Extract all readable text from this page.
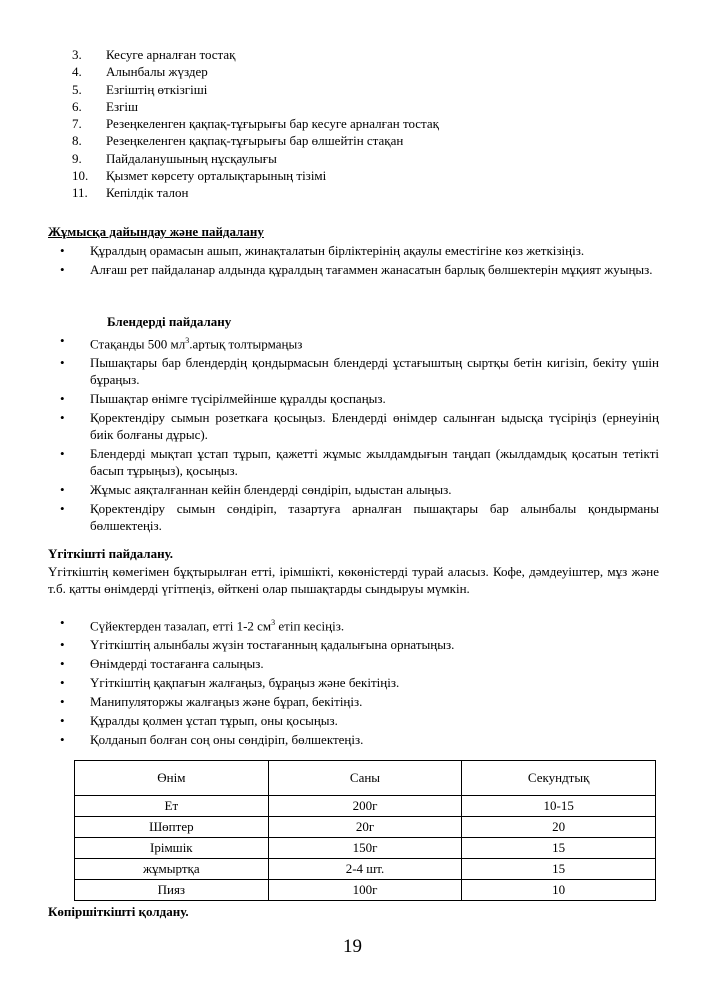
3. Кесуге арналған тостақ
4. Алынбалы жүздер
5. Езгіштің өткізгіші
6. Езгіш
7. Резеңкеленген қақпақ-тұғырығы бар кесуге арналған тостақ
8. Резеңкеленген қақпақ-тұғырығы бар өлшейтін стақан
9. Пайдаланушының нұсқаулығы
10. Қызмет көрсету орталықтарының тізімі
11. Кепілдік талон
Жұмысқа дайындау және пайдалану
• Құралдың орамасын ашып, жинақталатын бірліктерінің ақаулы еместігіне көз жеткізіңіз.
• Алғаш рет пайдаланар алдында құралдың тағаммен жанасатын барлық бөлшектерін мұқият жуыңыз.
Блендерді пайдалану
• Стақанды 500 $мл^3.артық$ толтырмаңыз
• Пышақтары бар блендердің қондырмасын блендерді ұстағыштың сыртқы бетін кигізіп, бекіту үшін бұраңыз.
• Пышақтар өнімге түсірілмейінше құралды қоспаңыз.
• Қоректендіру сымын розеткаға қосыңыз. Блендерді өнімдер салынған ыдысқа түсіріңіз (ернеуінің биік болғаны дұрыс).
• Блендерді мықтап ұстап тұрып, қажетті жұмыс жылдамдығын таңдап (жылдамдық қосатын тетікті басып тұрыңыз), қосыңыз.
• Жұмыс аяқталғаннан кейін блендерді сөндіріп, ыдыстан алыңыз.
• Қоректендіру сымын сөндіріп, тазартуға арналған пышақтары бар алынбалы қондырманы бөлшектеңіз.
Үгіткішті пайдалану.
Үгіткіштің көмегімен бұқтырылған етті, ірімшікті, көкөністерді турай алаcыз. Кофе, дәмдеуіштер, мұз және т.б. қатты өнімдерді үгітпеңіз, өйткені олар пышақтарды сындыруы мүмкін.
• Сүйектерден тазалап, етті 1-2 $см^3$ етіп кесіңіз.
• Үгіткіштің алынбалы жүзін тостағанның қадалығына орнатыңыз.
• Өнімдерді тостағанға салыңыз.
• Үгіткіштің қақпағын жалғаңыз, бұраңыз және бекітіңіз.
• Манипуляторжы жалғаңыз және бұрап, бекітіңіз.
• Құралды қолмен ұстап тұрып, оны қосыңыз.
• Қолданып болған соң оны сөндіріп, бөлшектеңіз.
Өнім	Саны	Секундтық
Ет	200г	10-15
Шөптер	20г	20
Ірімшік	150г	15
жұмыртқа	2-4 шт.	15
Пияз	100г	10
Көпіршіткішті қолдану.
19
